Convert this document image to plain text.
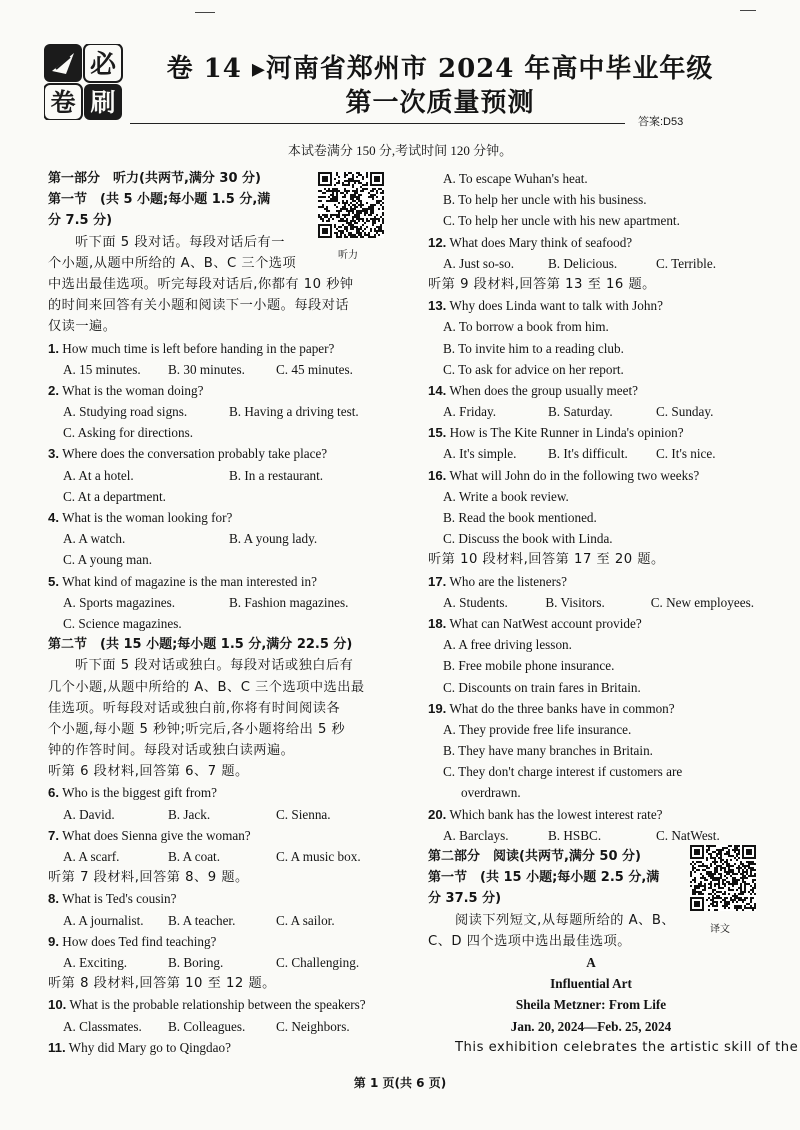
必
卷 刷
卷 14 ▸河南省郑州市 2024 年高中毕业年级
第一次质量预测
答案:D53
本试卷满分 150 分,考试时间 120 分钟。
听力
译文
第一部分　听力(共两节,满分 30 分)
第一节　(共 5 小题;每小题 1.5 分,满
分 7.5 分)
听下面 5 段对话。每段对话后有一
个小题,从题中所给的 A、B、C 三个选项
中选出最佳选项。听完每段对话后,你都有 10 秒钟
的时间来回答有关小题和阅读下一小题。每段对话
仅读一遍。
1. How much time is left before handing in the paper?
A. 15 minutes.	B. 30 minutes.	C. 45 minutes.
2. What is the woman doing?
A. Studying road signs.	B. Having a driving test.
C. Asking for directions.
3. Where does the conversation probably take place?
A. At a hotel.	B. In a restaurant.
C. At a department.
4. What is the woman looking for?
A. A watch.	B. A young lady.
C. A young man.
5. What kind of magazine is the man interested in?
A. Sports magazines.	B. Fashion magazines.
C. Science magazines.
第二节　(共 15 小题;每小题 1.5 分,满分 22.5 分)
听下面 5 段对话或独白。每段对话或独白后有
几个小题,从题中所给的 A、B、C 三个选项中选出最
佳选项。听每段对话或独白前,你将有时间阅读各
个小题,每小题 5 秒钟;听完后,各小题将给出 5 秒
钟的作答时间。每段对话或独白读两遍。
听第 6 段材料,回答第 6、7 题。
6. Who is the biggest gift from?
A. David.	B. Jack.	C. Sienna.
7. What does Sienna give the woman?
A. A scarf.	B. A coat.	C. A music box.
听第 7 段材料,回答第 8、9 题。
8. What is Ted's cousin?
A. A journalist.	B. A teacher.	C. A sailor.
9. How does Ted find teaching?
A. Exciting.	B. Boring.	C. Challenging.
听第 8 段材料,回答第 10 至 12 题。
10. What is the probable relationship between the speakers?
A. Classmates.	B. Colleagues.	C. Neighbors.
11. Why did Mary go to Qingdao?
A. To escape Wuhan's heat.
B. To help her uncle with his business.
C. To help her uncle with his new apartment.
12. What does Mary think of seafood?
A. Just so-so.	B. Delicious.	C. Terrible.
听第 9 段材料,回答第 13 至 16 题。
13. Why does Linda want to talk with John?
A. To borrow a book from him.
B. To invite him to a reading club.
C. To ask for advice on her report.
14. When does the group usually meet?
A. Friday.	B. Saturday.	C. Sunday.
15. How is The Kite Runner in Linda's opinion?
A. It's simple.	B. It's difficult.	C. It's nice.
16. What will John do in the following two weeks?
A. Write a book review.
B. Read the book mentioned.
C. Discuss the book with Linda.
听第 10 段材料,回答第 17 至 20 题。
17. Who are the listeners?
A. Students.	B. Visitors.	C. New employees.
18. What can NatWest account provide?
A. A free driving lesson.
B. Free mobile phone insurance.
C. Discounts on train fares in Britain.
19. What do the three banks have in common?
A. They provide free life insurance.
B. They have many branches in Britain.
C. They don't charge interest if customers are
overdrawn.
20. Which bank has the lowest interest rate?
A. Barclays.	B. HSBC.	C. NatWest.
第二部分　阅读(共两节,满分 50 分)
第一节　(共 15 小题;每小题 2.5 分,满
分 37.5 分)
阅读下列短文,从每题所给的 A、B、
C、D 四个选项中选出最佳选项。
A
Influential Art
Sheila Metzner: From Life
Jan. 20, 2024—Feb. 25, 2024
This exhibition celebrates the artistic skill of the
第 1 页(共 6 页)
